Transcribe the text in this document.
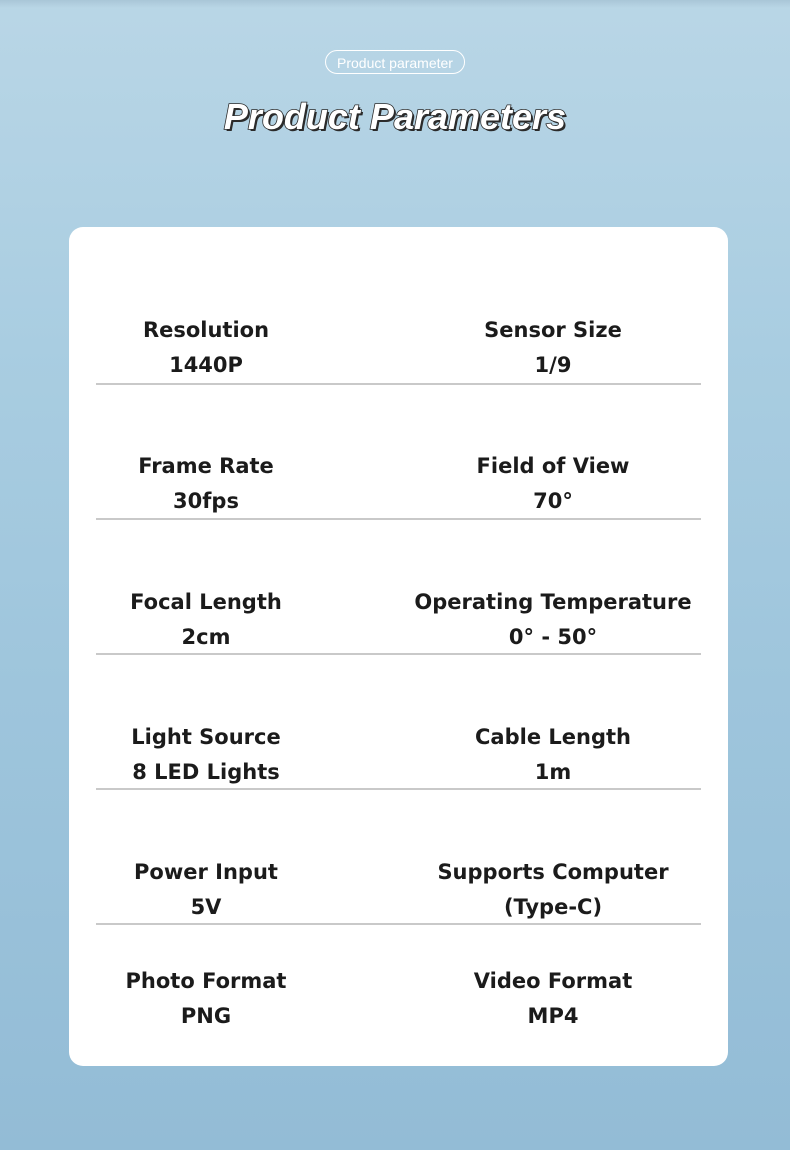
Product parameter
Product Parameters
Resolution
1440P
Sensor Size
1/9
Frame Rate
30fps
Field of View
70°
Focal Length
2cm
Operating Temperature
0° - 50°
Light Source
8 LED Lights
Cable Length
1m
Power Input
5V
Supports Computer
(Type-C)
Photo Format
PNG
Video Format
MP4
